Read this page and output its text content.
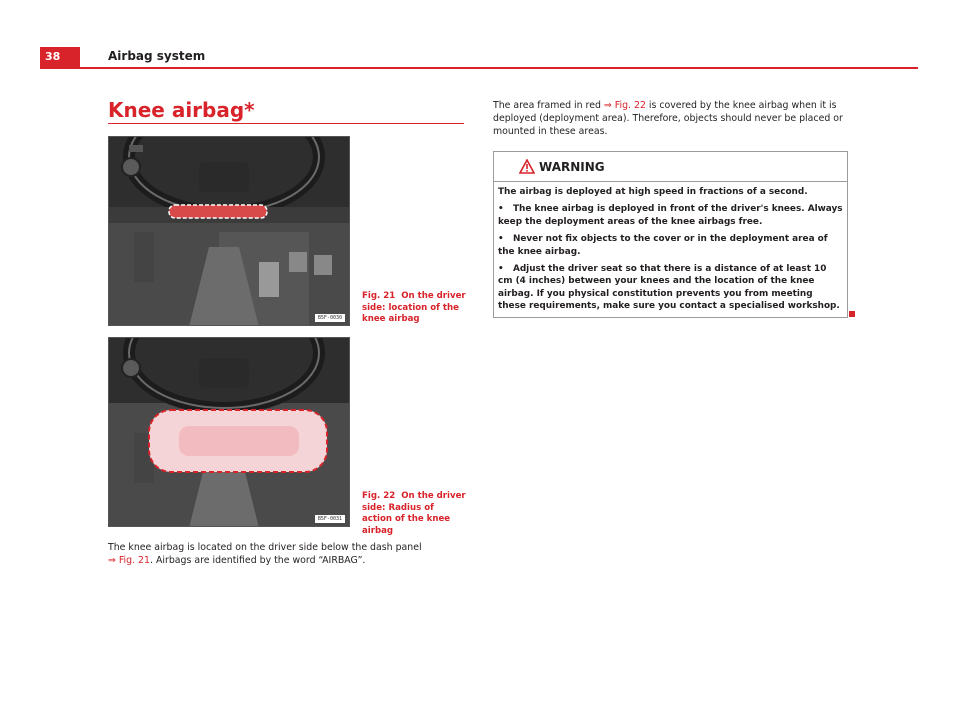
38	Airbag system
Knee airbag*
B5F-0030
Fig. 21 On the driver side: location of the knee airbag
B5F-0031
Fig. 22 On the driver side: Radius of action of the knee airbag
The knee airbag is located on the driver side below the dash panel
⇒ Fig. 21. Airbags are identified by the word “AIRBAG”.
The area framed in red ⇒ Fig. 22 is covered by the knee airbag when it is deployed (deployment area). Therefore, objects should never be placed or mounted in these areas.
WARNING

The airbag is deployed at high speed in fractions of a second.

•   The knee airbag is deployed in front of the driver's knees. Always keep the deployment areas of the knee airbags free.

•   Never not fix objects to the cover or in the deployment area of the knee airbag.

•   Adjust the driver seat so that there is a distance of at least 10 cm (4 inches) between your knees and the location of the knee airbag. If you physical constitution prevents you from meeting these requirements, make sure you contact a specialised workshop.
